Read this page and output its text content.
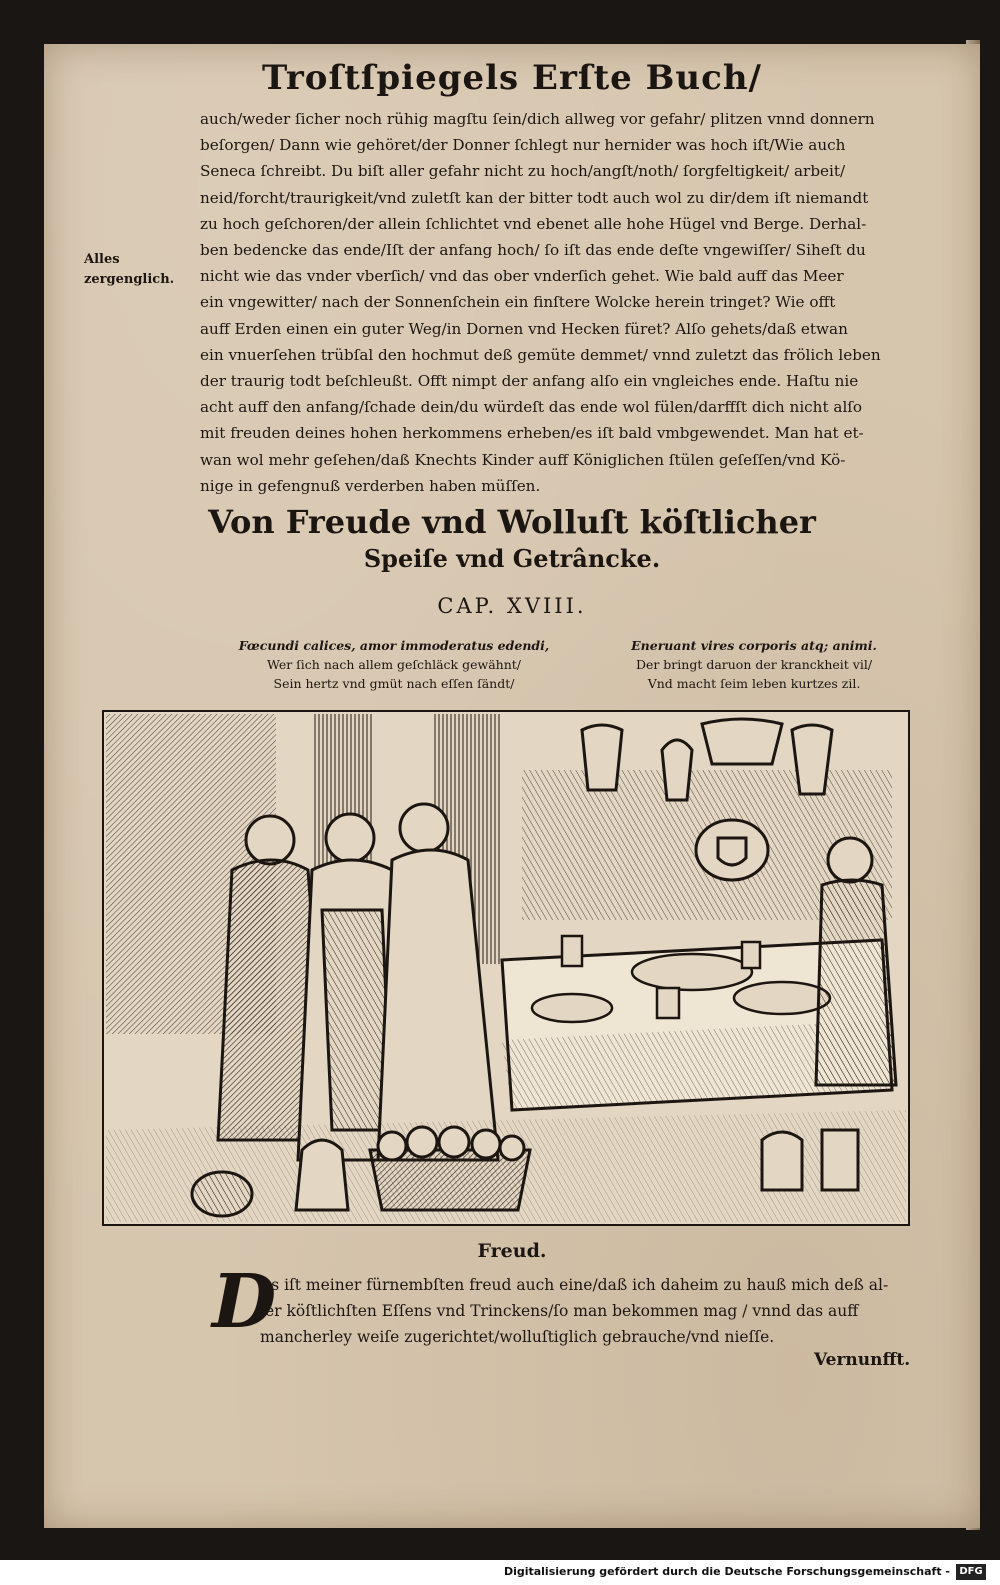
Troſtſpiegels Erſte Buch/
Alles zergenglich.
auch/weder ſicher noch rühig magſtu ſein/dich allweg vor gefahr/ plitzen vnnd donnern
beſorgen/ Dann wie gehöret/der Donner ſchlegt nur hernider was hoch iſt/Wie auch
Seneca ſchreibt. Du biſt aller gefahr nicht zu hoch/angſt/noth/ ſorgfeltigkeit/ arbeit/
neid/forcht/traurigkeit/vnd zuletſt kan der bitter todt auch wol zu dir/dem iſt niemandt
zu hoch geſchoren/der allein ſchlichtet vnd ebenet alle hohe Hügel vnd Berge. Derhal-
ben bedencke das ende/Iſt der anfang hoch/ ſo iſt das ende deſte vngewiſſer/ Siheſt du
nicht wie das vnder vberſich/ vnd das ober vnderſich gehet. Wie bald auff das Meer
ein vngewitter/ nach der Sonnenſchein ein finſtere Wolcke herein tringet? Wie offt
auff Erden einen ein guter Weg/in Dornen vnd Hecken füret? Alſo gehets/daß etwan
ein vnuerſehen trübſal den hochmut deß gemüte demmet/ vnnd zuletzt das frölich leben
der traurig todt beſchleußt. Offt nimpt der anfang alſo ein vngleiches ende. Haſtu nie
acht auff den anfang/ſchade dein/du würdeſt das ende wol fülen/darffſt dich nicht alſo
mit freuden deines hohen herkommens erheben/es iſt bald vmbgewendet. Man hat et-
wan wol mehr geſehen/daß Knechts Kinder auff Königlichen ſtülen geſeſſen/vnd Kö-
nige in gefengnuß verderben haben müſſen.
Von Freude vnd Wolluſt köſtlicher
Speiſe vnd Getrâncke.
CAP. XVIII.
Fœcundi calices, amor immoderatus edendi,
Wer ſich nach allem geſchläck gewähnt/
Sein hertz vnd gmüt nach eſſen ſändt/
Eneruant vires corporis atq; animi.
Der bringt daruon der kranckheit vil/
Vnd macht ſeim leben kurtzes zil.
Freud.
D
As iſt meiner fürnembſten freud auch eine/daß ich daheim zu hauß mich deß al-
ler köſtlichſten Eſſens vnd Trinckens/ſo man bekommen mag / vnnd das auff
mancherley weiſe zugerichtet/wolluſtiglich gebrauche/vnd nieſſe.
Vernunfft.
Digitalisierung gefördert durch die Deutsche Forschungsgemeinschaft - DFG
